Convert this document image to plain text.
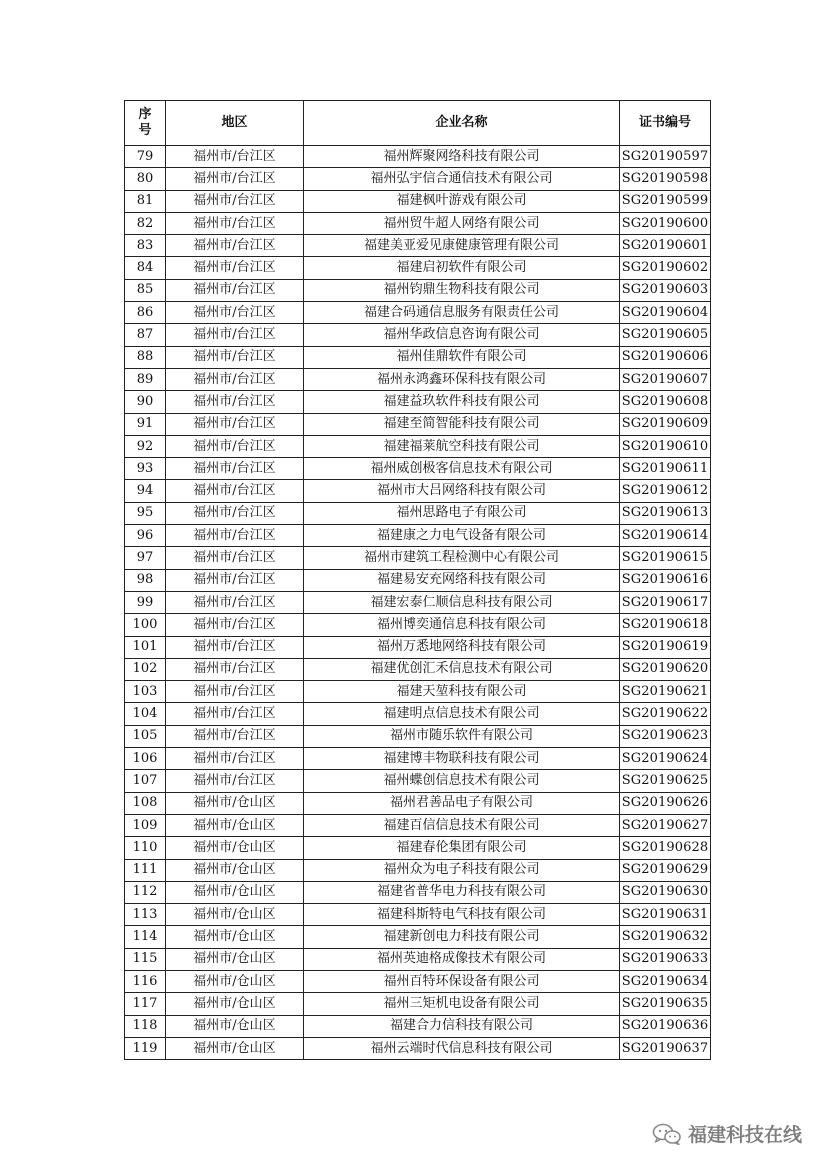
序
号	地区	企业名称	证书编号
79	福州市/台江区	福州辉聚网络科技有限公司	SG20190597
80	福州市/台江区	福州弘宇信合通信技术有限公司	SG20190598
81	福州市/台江区	福建枫叶游戏有限公司	SG20190599
82	福州市/台江区	福州贸牛超人网络有限公司	SG20190600
83	福州市/台江区	福建美亚爱见康健康管理有限公司	SG20190601
84	福州市/台江区	福建启初软件有限公司	SG20190602
85	福州市/台江区	福州钧鼎生物科技有限公司	SG20190603
86	福州市/台江区	福建合码通信息服务有限责任公司	SG20190604
87	福州市/台江区	福州华政信息咨询有限公司	SG20190605
88	福州市/台江区	福州佳鼎软件有限公司	SG20190606
89	福州市/台江区	福州永鸿鑫环保科技有限公司	SG20190607
90	福州市/台江区	福建益玖软件科技有限公司	SG20190608
91	福州市/台江区	福建至简智能科技有限公司	SG20190609
92	福州市/台江区	福建福莱航空科技有限公司	SG20190610
93	福州市/台江区	福州威创极客信息技术有限公司	SG20190611
94	福州市/台江区	福州市大吕网络科技有限公司	SG20190612
95	福州市/台江区	福州思路电子有限公司	SG20190613
96	福州市/台江区	福建康之力电气设备有限公司	SG20190614
97	福州市/台江区	福州市建筑工程检测中心有限公司	SG20190615
98	福州市/台江区	福建易安充网络科技有限公司	SG20190616
99	福州市/台江区	福建宏泰仁顺信息科技有限公司	SG20190617
100	福州市/台江区	福州博奕通信息科技有限公司	SG20190618
101	福州市/台江区	福州万悉地网络科技有限公司	SG20190619
102	福州市/台江区	福建优创汇禾信息技术有限公司	SG20190620
103	福州市/台江区	福建天堃科技有限公司	SG20190621
104	福州市/台江区	福建明点信息技术有限公司	SG20190622
105	福州市/台江区	福州市随乐软件有限公司	SG20190623
106	福州市/台江区	福建博丰物联科技有限公司	SG20190624
107	福州市/台江区	福州蝶创信息技术有限公司	SG20190625
108	福州市/仓山区	福州君善品电子有限公司	SG20190626
109	福州市/仓山区	福建百信信息技术有限公司	SG20190627
110	福州市/仓山区	福建春伦集团有限公司	SG20190628
111	福州市/仓山区	福州众为电子科技有限公司	SG20190629
112	福州市/仓山区	福建省普华电力科技有限公司	SG20190630
113	福州市/仓山区	福建科斯特电气科技有限公司	SG20190631
114	福州市/仓山区	福建新创电力科技有限公司	SG20190632
115	福州市/仓山区	福州英迪格成像技术有限公司	SG20190633
116	福州市/仓山区	福州百特环保设备有限公司	SG20190634
117	福州市/仓山区	福州三矩机电设备有限公司	SG20190635
118	福州市/仓山区	福建合力信科技有限公司	SG20190636
119	福州市/仓山区	福州云端时代信息科技有限公司	SG20190637
福建科技在线
